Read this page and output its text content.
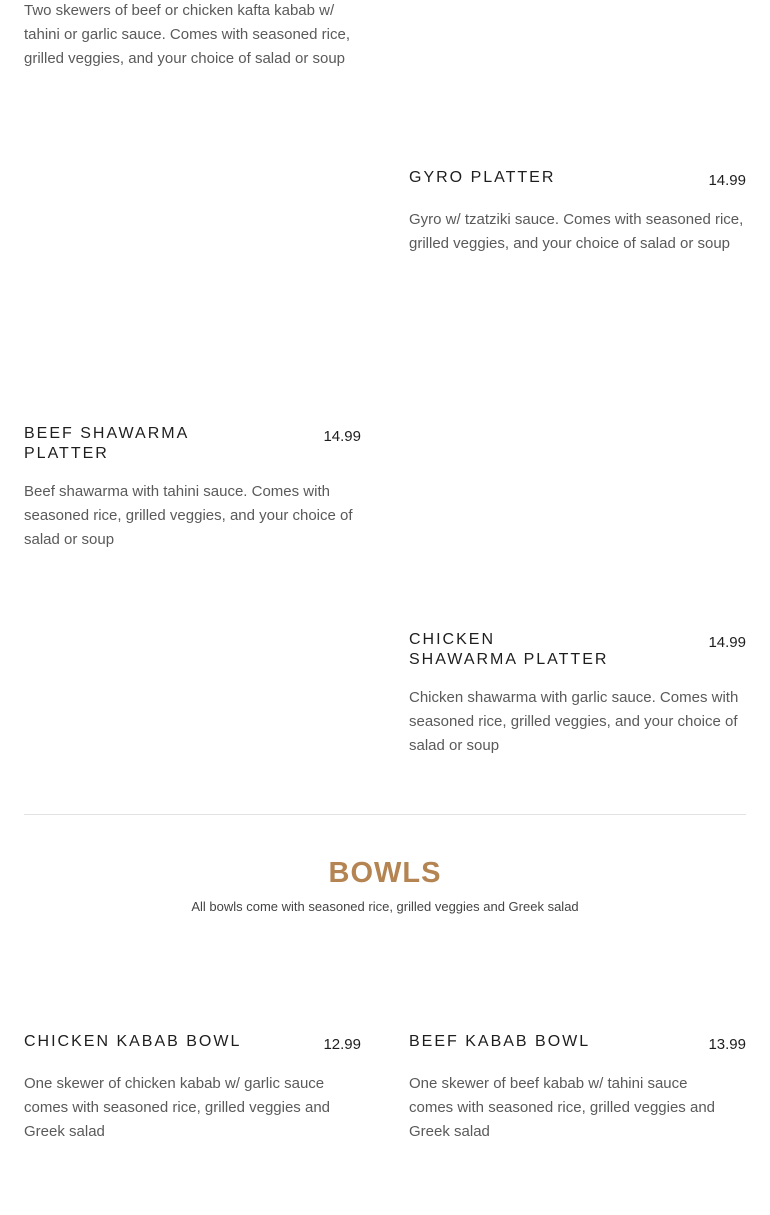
Two skewers of beef or chicken kafta kabab w/ tahini or garlic sauce. Comes with seasoned rice, grilled veggies, and your choice of salad or soup

GYRO PLATTER	14.99

Gyro w/ tzatziki sauce. Comes with seasoned rice, grilled veggies, and your choice of salad or soup

BEEF SHAWARMA PLATTER
14.99

Beef shawarma with tahini sauce. Comes with seasoned rice, grilled veggies, and your choice of salad or soup

CHICKEN SHAWARMA PLATTER
14.99

Chicken shawarma with garlic sauce. Comes with seasoned rice, grilled veggies, and your choice of salad or soup

BOWLS

All bowls come with seasoned rice, grilled veggies and Greek salad

CHICKEN KABAB BOWL	12.99

One skewer of chicken kabab w/ garlic sauce
comes with seasoned rice, grilled veggies and Greek salad

BEEF KABAB BOWL	13.99

One skewer of beef kabab w/ tahini sauce comes with seasoned rice, grilled veggies and Greek salad
